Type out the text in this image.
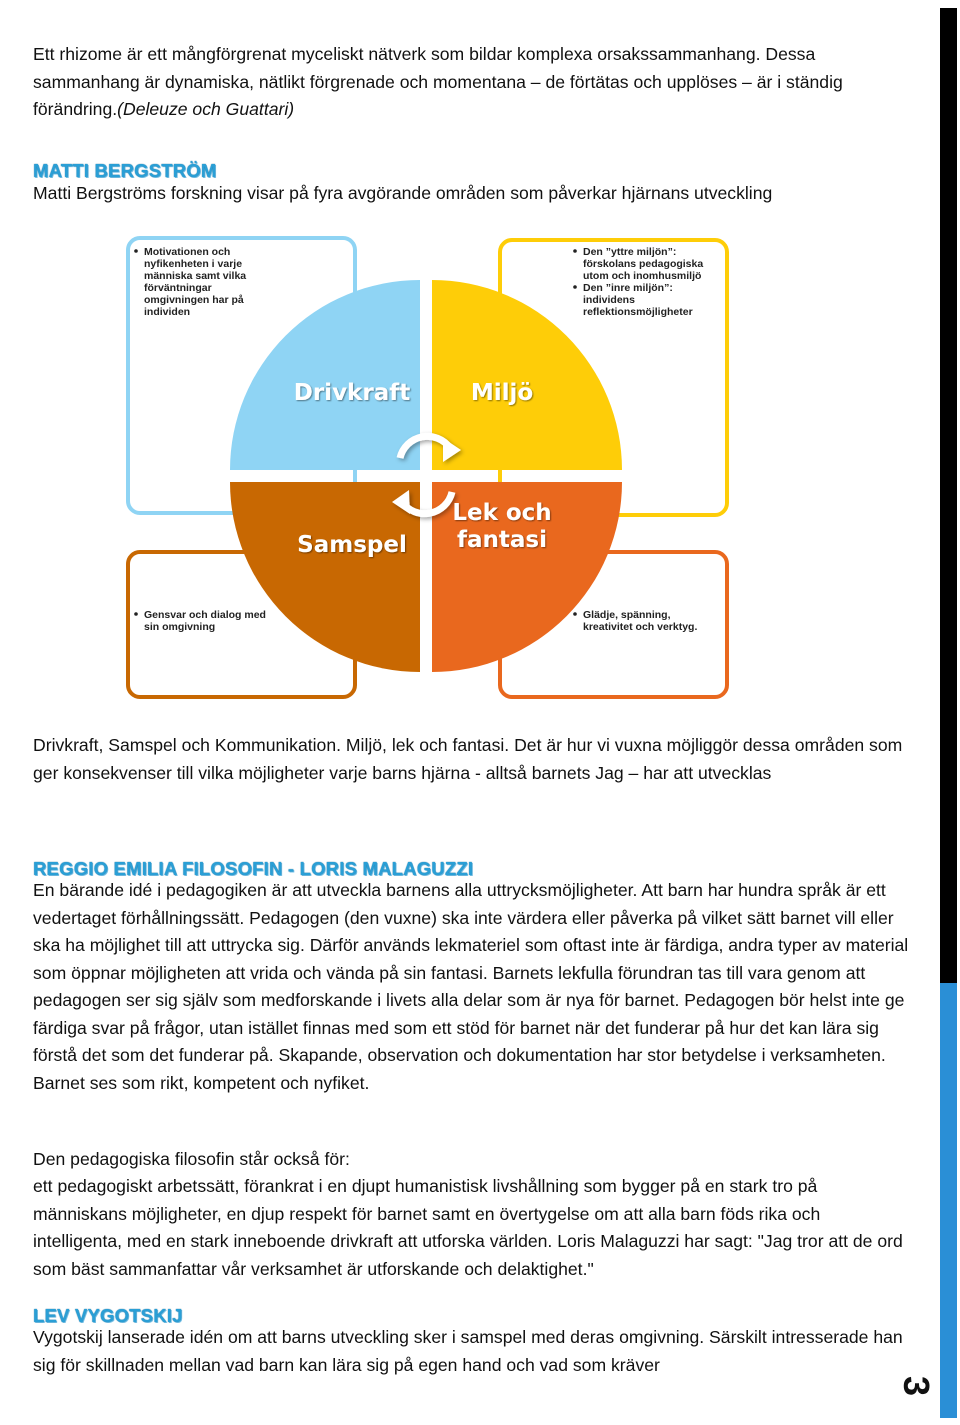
Ett rhizome är ett mångförgrenat myceliskt nätverk som bildar komplexa orsakssammanhang. Dessa sammanhang är dynamiska, nätlikt förgrenade och momentana – de förtätas och upplöses – är i ständig förändring.(Deleuze och Guattari)

MATTI BERGSTRÖM

Matti Bergströms forskning visar på fyra avgörande områden som påverkar hjärnans utveckling

Drivkraft	Miljö
Samspel
Lek och
fantasi
Motivationen och
nyfikenheten i varje
människa samt vilka
förväntningar
omgivningen har på
individen
Den ”yttre miljön”:
förskolans pedagogiska
utom och inomhusmiljö
Den ”inre miljön”:
individens
reflektionsmöjligheter
Gensvar och dialog med
sin omgivning
Glädje, spänning,
kreativitet och verktyg.

Drivkraft, Samspel och Kommunikation. Miljö, lek och fantasi. Det är hur vi vuxna möjliggör dessa områden som ger konsekvenser till vilka möjligheter varje barns hjärna - alltså barnets Jag – har att utvecklas

REGGIO EMILIA FILOSOFIN - LORIS MALAGUZZI

En bärande idé i pedagogiken är att utveckla barnens alla uttrycksmöjligheter. Att barn har hundra språk är ett vedertaget förhållningssätt. Pedagogen (den vuxne) ska inte värdera eller påverka på vilket sätt barnet vill eller ska ha möjlighet till att uttrycka sig. Därför används lekmateriel som oftast inte är färdiga, andra typer av material som öppnar möjligheten att vrida och vända på sin fantasi. Barnets lekfulla förundran tas till vara genom att pedagogen ser sig själv som medforskande i livets alla delar som är nya för barnet. Pedagogen bör helst inte ge färdiga svar på frågor, utan istället finnas med som ett stöd för barnet när det funderar på hur det kan lära sig förstå det som det funderar på. Skapande, observation och dokumentation har stor betydelse i verksamheten. Barnet ses som rikt, kompetent och nyfiket.

Den pedagogiska filosofin står också för:

ett pedagogiskt arbetssätt, förankrat i en djupt humanistisk livshållning som bygger på en stark tro på människans möjligheter, en djup respekt för barnet samt en övertygelse om att alla barn föds rika och intelligenta, med en stark inneboende drivkraft att utforska världen. Loris Malaguzzi har sagt: "Jag tror att de ord som bäst sammanfattar vår verksamhet är utforskande och delaktighet."

LEV VYGOTSKIJ

Vygotskij lanserade idén om att barns utveckling sker i samspel med deras omgivning. Särskilt intresserade han sig för skillnaden mellan vad barn kan lära sig på egen hand och vad som kräver

3
